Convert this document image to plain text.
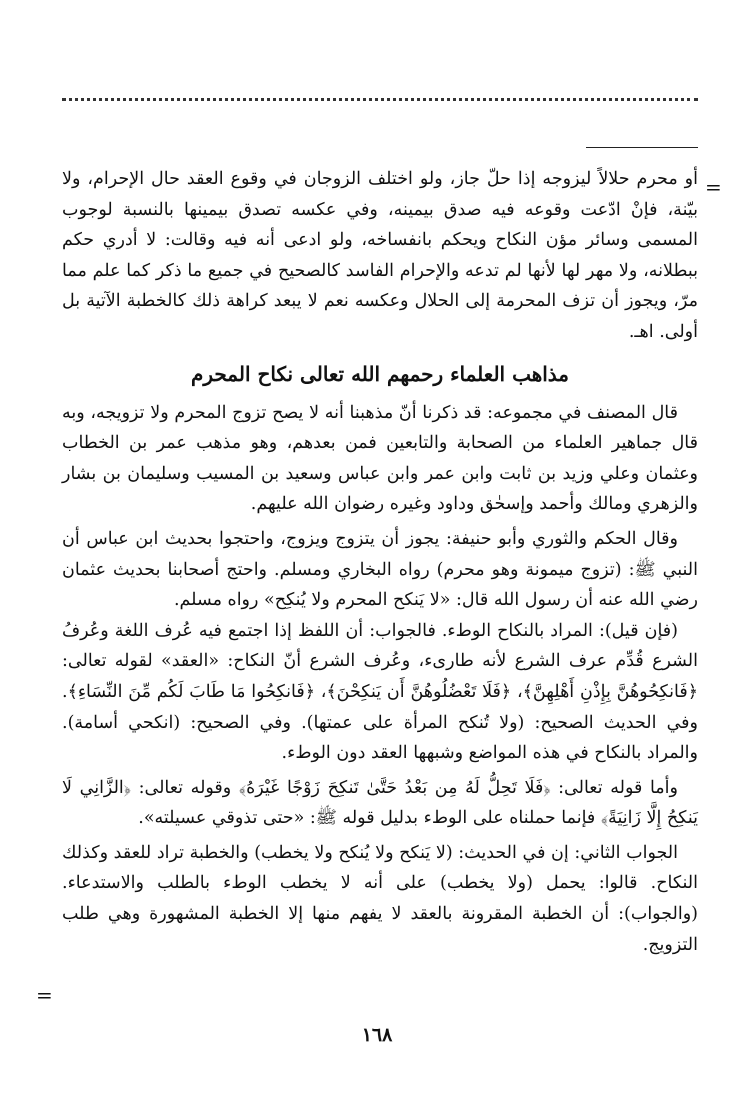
=

أو محرم حلالاً ليزوجه إذا حلّ جاز، ولو اختلف الزوجان في وقوع العقد حال الإحرام، ولا بيّنة، فإنْ ادّعت وقوعه فيه صدق بيمينه، وفي عكسه تصدق بيمينها بالنسبة لوجوب المسمى وسائر مؤن النكاح ويحكم بانفساخه، ولو ادعى أنه فيه وقالت: لا أدري حكم ببطلانه، ولا مهر لها لأنها لم تدعه والإحرام الفاسد كالصحيح في جميع ما ذكر كما علم مما مرّ، ويجوز أن تزف المحرمة إلى الحلال وعكسه نعم لا يبعد كراهة ذلك كالخطبة الآتية بل أولى. اهـ.

مذاهب العلماء رحمهم الله تعالى نكاح المحرم

قال المصنف في مجموعه: قد ذكرنا أنّ مذهبنا أنه لا يصح تزوج المحرم ولا تزويجه، وبه قال جماهير العلماء من الصحابة والتابعين فمن بعدهم، وهو مذهب عمر بن الخطاب وعثمان وعلي وزيد بن ثابت وابن عمر وابن عباس وسعيد بن المسيب وسليمان بن بشار والزهري ومالك وأحمد وإسحٰق وداود وغيره رضوان الله عليهم.

وقال الحكم والثوري وأبو حنيفة: يجوز أن يتزوج ويزوج، واحتجوا بحديث ابن عباس أن النبي ﷺ: (تزوج ميمونة وهو محرم) رواه البخاري ومسلم. واحتج أصحابنا بحديث عثمان رضي الله عنه أن رسول الله قال: «لا يَنكح المحرم ولا يُنكِح» رواه مسلم.

(فإن قيل): المراد بالنكاح الوطء. فالجواب: أن اللفظ إذا اجتمع فيه عُرف اللغة وعُرفُ الشرع قُدِّم عرف الشرع لأنه طارىء، وعُرف الشرع أنّ النكاح: «العقد» لقوله تعالى: ﴿فَانكِحُوهُنَّ بِإِذْنِ أَهْلِهِنَّ﴾، ﴿فَلَا تَعْضُلُوهُنَّ أَن يَنكِحْنَ﴾، ﴿فَانكِحُوا مَا طَابَ لَكُم مِّنَ النِّسَاءِ﴾. وفي الحديث الصحيح: (ولا تُنكح المرأة على عمتها). وفي الصحيح: (انكحي أسامة). والمراد بالنكاح في هذه المواضع وشبهها العقد دون الوطء.

وأما قوله تعالى: ﴿فَلَا تَحِلُّ لَهُ مِن بَعْدُ حَتَّىٰ تَنكِحَ زَوْجًا غَيْرَهُ﴾ وقوله تعالى: ﴿الزَّانِي لَا يَنكِحُ إِلَّا زَانِيَةً﴾ فإنما حملناه على الوطء بدليل قوله ﷺ: «حتى تذوقي عسيلته».

الجواب الثاني: إن في الحديث: (لا يَنكح ولا يُنكح ولا يخطب) والخطبة تراد للعقد وكذلك النكاح. قالوا: يحمل (ولا يخطب) على أنه لا يخطب الوطء بالطلب والاستدعاء. (والجواب): أن الخطبة المقرونة بالعقد لا يفهم منها إلا الخطبة المشهورة وهي طلب التزويج.

=
١٦٨
